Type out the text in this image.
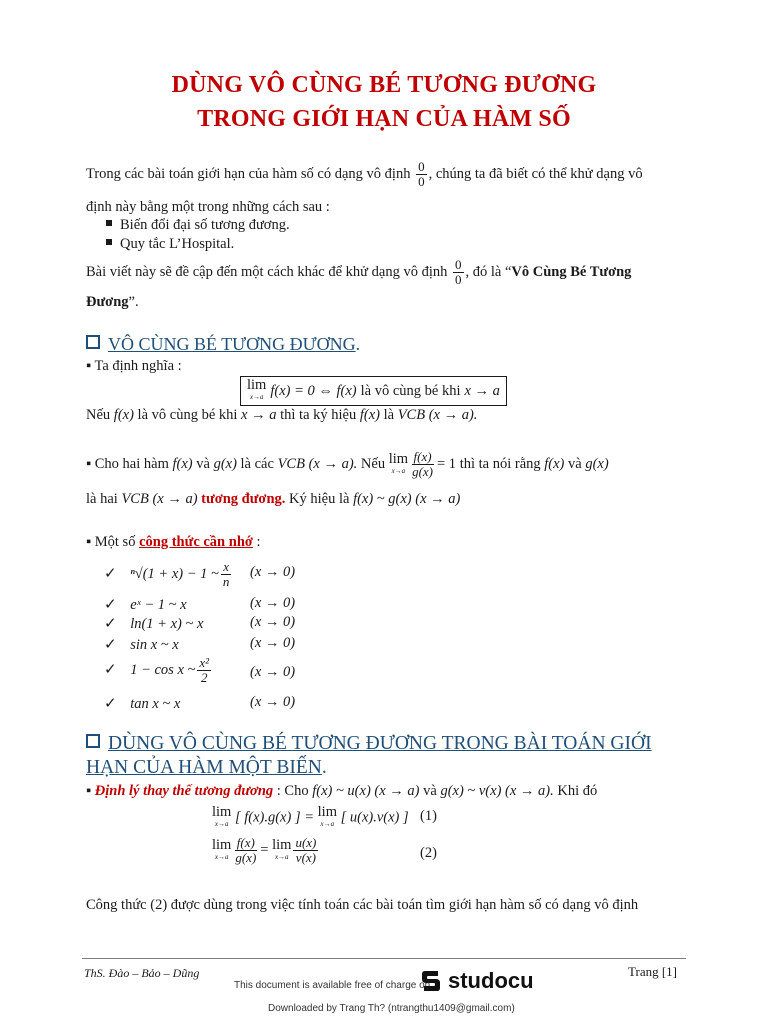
DÙNG VÔ CÙNG BÉ TƯƠNG ĐƯƠNG
TRONG GIỚI HẠN CỦA HÀM SỐ
Trong các bài toán giới hạn của hàm số có dạng vô định $\frac{0}{0}$ , chúng ta đã biết có thể khử dạng vô
định này bằng một trong những cách sau :
Biến đổi đại số tương đương.
Quy tắc L’Hospital.
Bài viết này sẽ đề cập đến một cách khác để khử dạng vô định $\frac{0}{0}$ , đó là “Vô Cùng Bé Tương
Đương”.
VÔ CÙNG BÉ TƯƠNG ĐƯƠNG.
▪ Ta định nghĩa :
lim
x→a f(x) = 0 ⇔ f(x) là vô cùng bé khi x → a
Nếu f(x) là vô cùng bé khi x → a thì ta ký hiệu f(x) là VCB (x → a).
▪ Cho hai hàm f(x) và g(x) là các VCB (x → a). Nếu lim
$x\to a \frac{f(x)}{g(x)} = 1$ thì ta nói rằng f(x) và g(x)
là hai VCB (x → a) tương đương. Ký hiệu là f(x) ~ g(x) (x → a)
▪ Một số công thức cần nhớ :
✓ ⁿ√(1 + x) − 1 ~ $\frac{x}{n} (x \to 0)$
✓ eˣ − 1 ~ x	(x → 0)
✓ ln(1 + x) ~ x	(x → 0)
✓ sin x ~ x	(x → 0)
✓ 1 − cos x ~ $\frac{\text{x²}}{2}$	(x → 0)
✓ tan x ~ x	(x → 0)
DÙNG VÔ CÙNG BÉ TƯƠNG ĐƯƠNG TRONG BÀI TOÁN GIỚI
HẠN CỦA HÀM MỘT BIẾN.
▪ Định lý thay thế tương đương : Cho f(x) ~ u(x) (x → a) và g(x) ~ v(x) (x → a). Khi đó
lim
x→a [ f(x).g(x) ] = lim
x→a [ u(x).v(x) ] (1)
lim
$x\to a \frac{f(x)}{g(x)} = \lim$
$x\to a \frac{u(x)}{v(x)}$	(2)
Công thức (2) được dùng trong việc tính toán các bài toán tìm giới hạn hàm số có dạng vô định
ThS. Đào – Bảo – Dũng	Trang [1]
This document is available free of charge on studocu
Downloaded by Trang Th? (ntrangthu1409@gmail.com)
